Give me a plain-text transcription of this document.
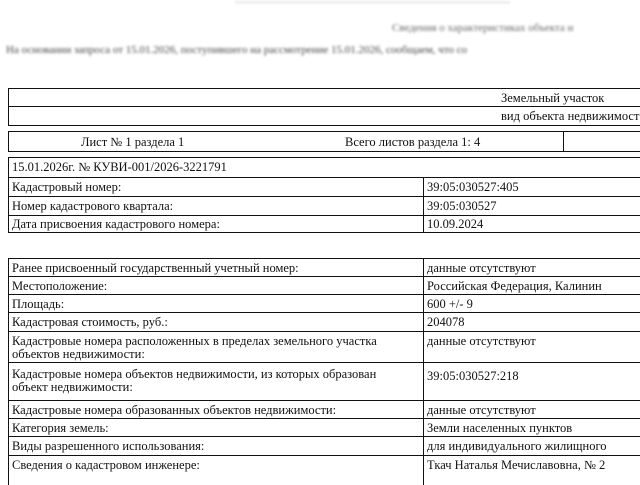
…………………………………………………………………
Сведения о характеристиках объекта н
На основании запроса от 15.01.2026, поступившего на рассмотрение 15.01.2026, сообщаем, что со
Земельный участок
вид объекта недвижимост
Лист № 1 раздела 1	Всего листов раздела 1: 4
15.01.2026г. № КУВИ-001/2026-3221791
Кадастровый номер:	39:05:030527:405
Номер кадастрового квартала:	39:05:030527
Дата присвоения кадастрового номера:	10.09.2024
Ранее присвоенный государственный учетный номер:	данные отсутствуют
Местоположение:	Российская Федерация, Калинин
Площадь:	600 +/- 9
Кадастровая стоимость, руб.:	204078
Кадастровые номера расположенных в пределах земельного участка объектов недвижимости:
данные отсутствуют
Кадастровые номера объектов недвижимости, из которых образован объект недвижимости:
39:05:030527:218
Кадастровые номера образованных объектов недвижимости:	данные отсутствуют
Категория земель:	Земли населенных пунктов
Виды разрешенного использования:	для индивидуального жилищного
Сведения о кадастровом инженере:	Ткач Наталья Мечиславовна, № 2
